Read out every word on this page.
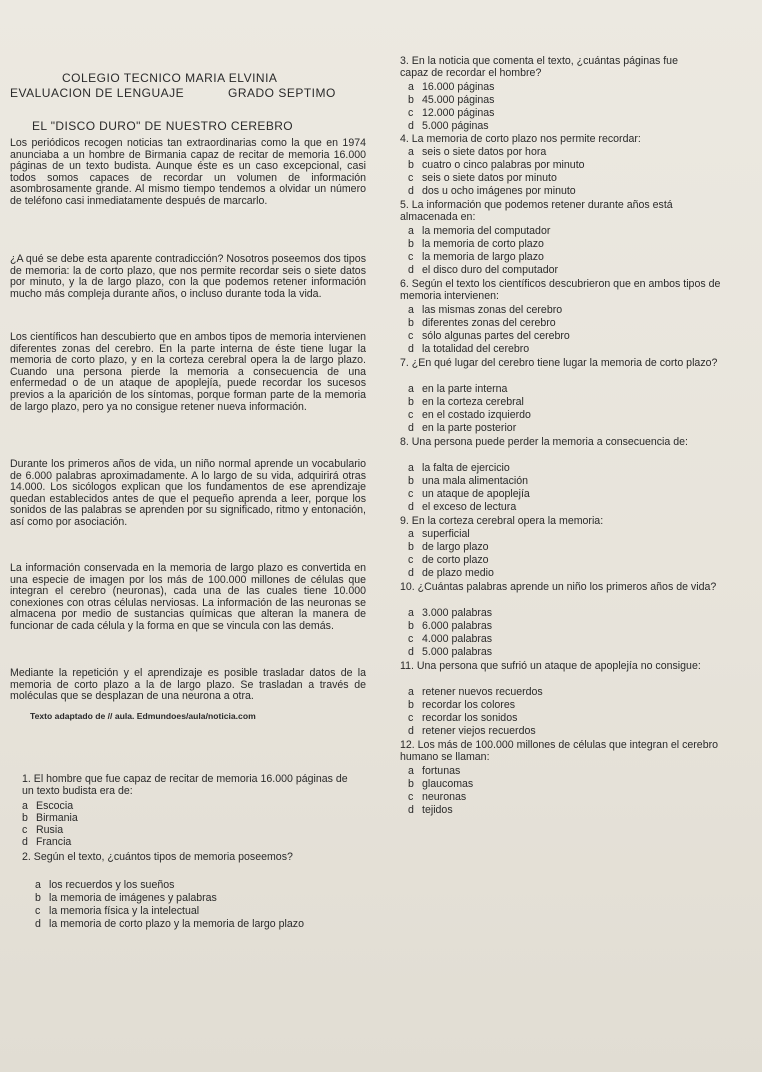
COLEGIO TECNICO MARIA ELVINIA
EVALUACION DE LENGUAJE	GRADO SEPTIMO
EL "DISCO DURO" DE NUESTRO CEREBRO

Los periódicos recogen noticias tan extraordinarias como la que en 1974 anunciaba a un hombre de Birmania capaz de recitar de memoria 16.000 páginas de un texto budista. Aunque éste es un caso excepcional, casi todos somos capaces de recordar un volumen de información asombrosamente grande. Al mismo tiempo tendemos a olvidar un número de teléfono casi inmediatamente después de marcarlo.

¿A qué se debe esta aparente contradicción? Nosotros poseemos dos tipos de memoria: la de corto plazo, que nos permite recordar seis o siete datos por minuto, y la de largo plazo, con la que podemos retener información mucho más compleja durante años, o incluso durante toda la vida.

Los científicos han descubierto que en ambos tipos de memoria intervienen diferentes zonas del cerebro. En la parte interna de éste tiene lugar la memoria de corto plazo, y en la corteza cerebral opera la de largo plazo. Cuando una persona pierde la memoria a consecuencia de una enfermedad o de un ataque de apoplejía, puede recordar los sucesos previos a la aparición de los síntomas, porque forman parte de la memoria de largo plazo, pero ya no consigue retener nueva información.

Durante los primeros años de vida, un niño normal aprende un vocabulario de 6.000 palabras aproximadamente. A lo largo de su vida, adquirirá otras 14.000. Los sicólogos explican que los fundamentos de ese aprendizaje quedan establecidos antes de que el pequeño aprenda a leer, porque los sonidos de las palabras se aprenden por su significado, ritmo y entonación, así como por asociación.

La información conservada en la memoria de largo plazo es convertida en una especie de imagen por los más de 100.000 millones de células que integran el cerebro (neuronas), cada una de las cuales tiene 10.000 conexiones con otras células nerviosas. La información de las neuronas se almacena por medio de sustancias químicas que alteran la manera de funcionar de cada célula y la forma en que se vincula con las demás.

Mediante la repetición y el aprendizaje es posible trasladar datos de la memoria de corto plazo a la de largo plazo. Se trasladan a través de moléculas que se desplazan de una neurona a otra.

Texto adaptado de // aula. Edmundoes/aula/noticia.com
1. El hombre que fue capaz de recitar de memoria 16.000 páginas de un texto budista era de:
a Escocia
b Birmania
c Rusia
d Francia
2. Según el texto, ¿cuántos tipos de memoria poseemos?
a los recuerdos y los sueños
b la memoria de imágenes y palabras
c la memoria física y la intelectual
d la memoria de corto plazo y la memoria de largo plazo
3. En la noticia que comenta el texto, ¿cuántas páginas fue capaz de recordar el hombre?
a 16.000 páginas
b 45.000 páginas
c 12.000 páginas
d 5.000 páginas
4. La memoria de corto plazo nos permite recordar:
a seis o siete datos por hora
b cuatro o cinco palabras por minuto
c seis o siete datos por minuto
d dos u ocho imágenes por minuto
5. La información que podemos retener durante años está almacenada en:
a la memoria del computador
b la memoria de corto plazo
c la memoria de largo plazo
d el disco duro del computador
6. Según el texto los científicos descubrieron que en ambos tipos de memoria intervienen:
a las mismas zonas del cerebro
b diferentes zonas del cerebro
c sólo algunas partes del cerebro
d la totalidad del cerebro
7. ¿En qué lugar del cerebro tiene lugar la memoria de corto plazo?
a en la parte interna
b en la corteza cerebral
c en el costado izquierdo
d en la parte posterior
8. Una persona puede perder la memoria a consecuencia de:
a la falta de ejercicio
b una mala alimentación
c un ataque de apoplejía
d el exceso de lectura
9. En la corteza cerebral opera la memoria:
a superficial
b de largo plazo
c de corto plazo
d de plazo medio
10. ¿Cuántas palabras aprende un niño los primeros años de vida?
a 3.000 palabras
b 6.000 palabras
c 4.000 palabras
d 5.000 palabras
11. Una persona que sufrió un ataque de apoplejía no consigue:
a retener nuevos recuerdos
b recordar los colores
c recordar los sonidos
d retener viejos recuerdos
12. Los más de 100.000 millones de células que integran el cerebro humano se llaman:
a fortunas
b glaucomas
c neuronas
d tejidos
